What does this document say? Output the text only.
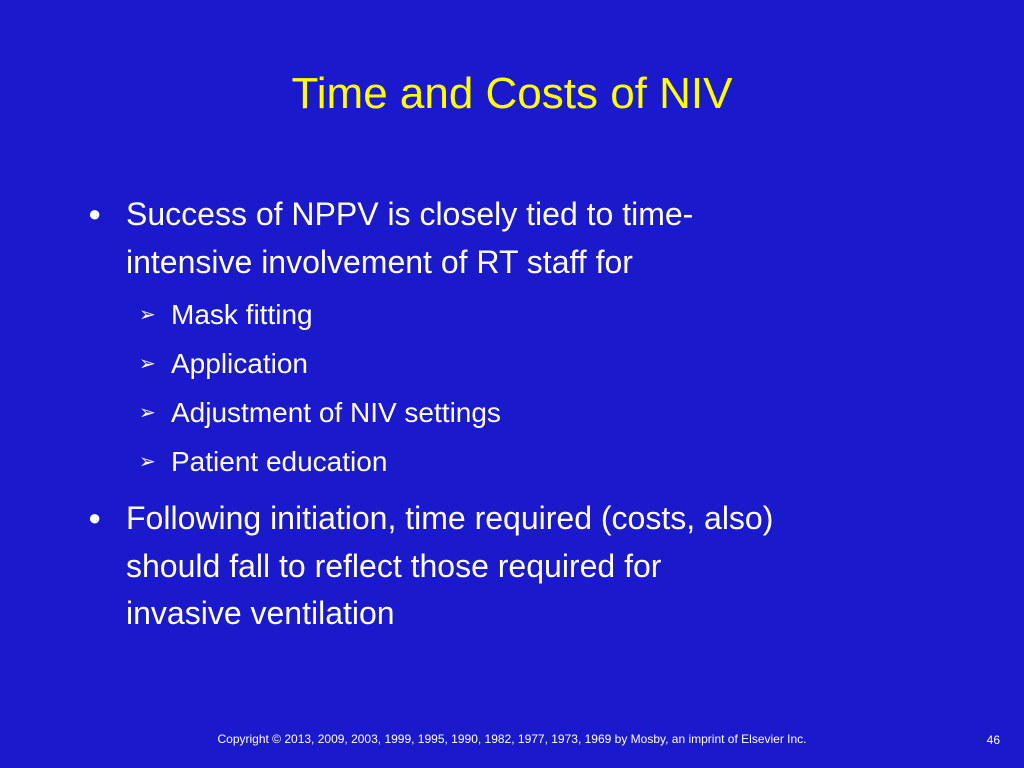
Time and Costs of NIV
● Success of NPPV is closely tied to time-
intensive involvement of RT staff for
➢ Mask fitting
➢ Application
➢ Adjustment of NIV settings
➢ Patient education
● Following initiation, time required (costs, also)
should fall to reflect those required for
invasive ventilation
Copyright © 2013, 2009, 2003, 1999, 1995, 1990, 1982, 1977, 1973, 1969 by Mosby, an imprint of Elsevier Inc.	46
